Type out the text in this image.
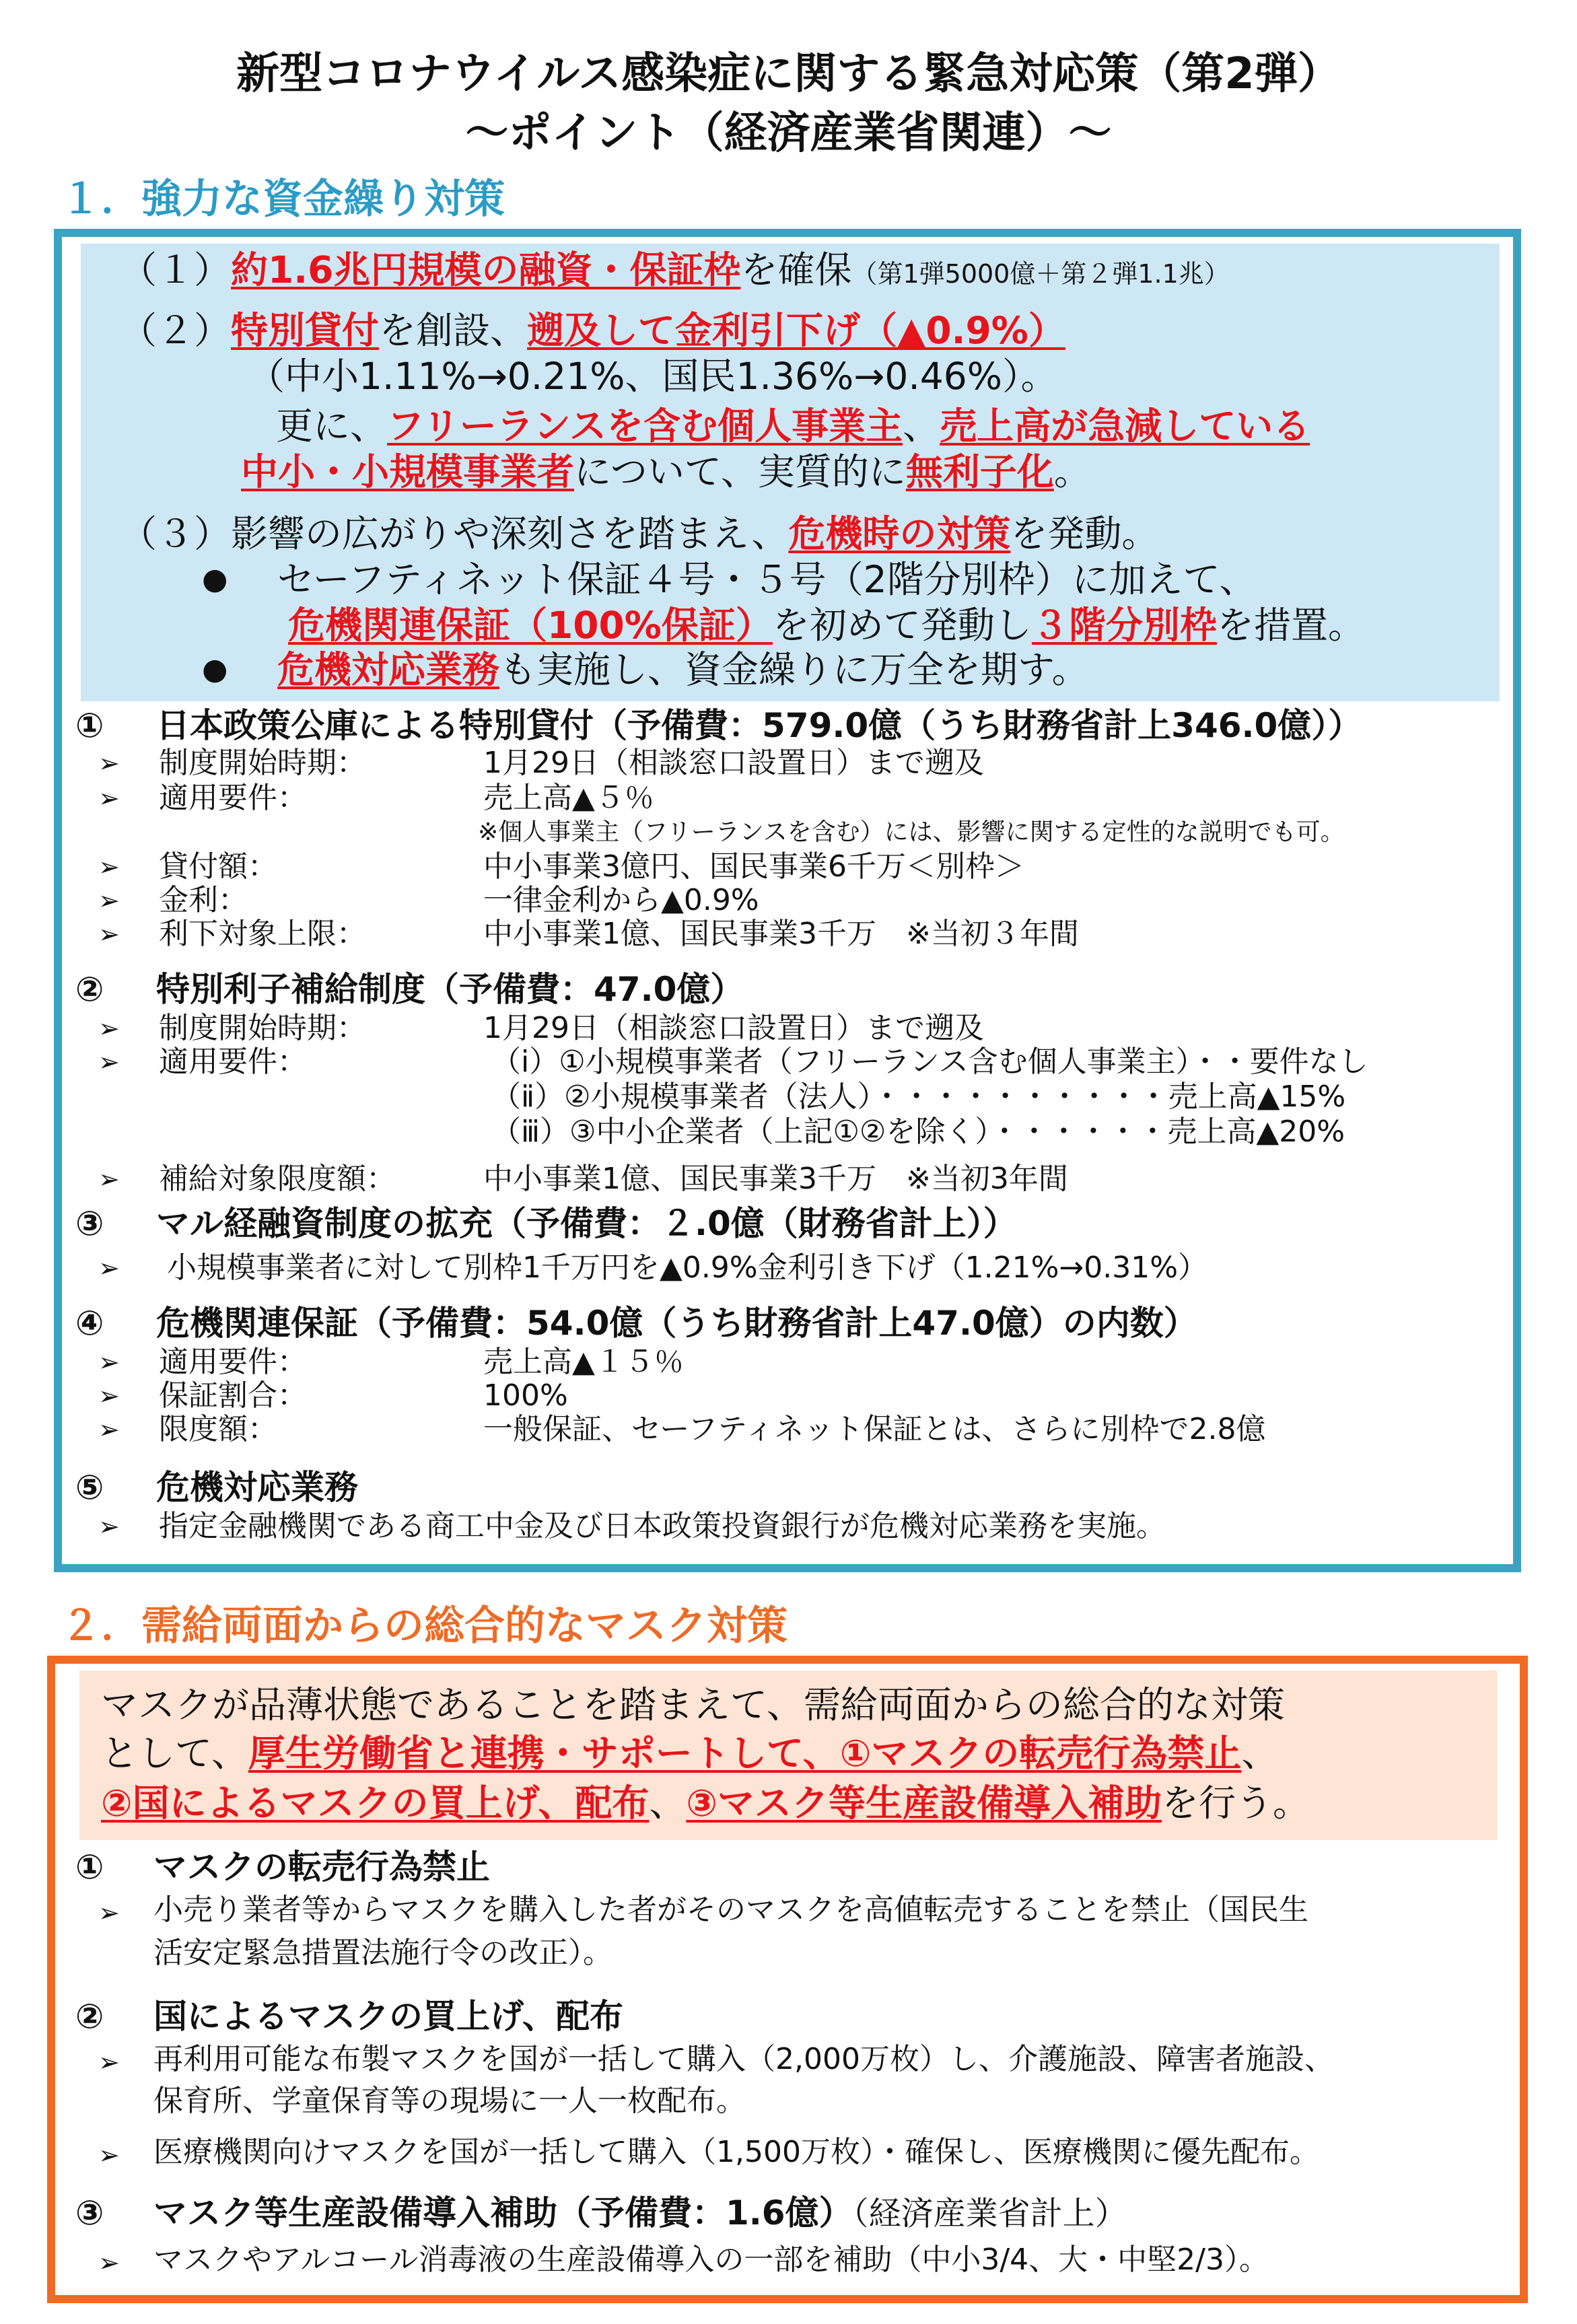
新型コロナウイルス感染症に関する緊急対応策（第2弾）
～ポイント（経済産業省関連）～
１．強力な資金繰り対策
（１）約1.6兆円規模の融資・保証枠を確保（第1弾5000億＋第２弾1.1兆）
（２）特別貸付を創設、遡及して金利引下げ（▲0.9%）
（中小1.11%→0.21%、国民1.36%→0.46%）。
更に、フリーランスを含む個人事業主、売上高が急減している
中小・小規模事業者について、実質的に無利子化。
（３）影響の広がりや深刻さを踏まえ、危機時の対策を発動。
● セーフティネット保証４号・５号（2階分別枠）に加えて、
危機関連保証（100%保証）を初めて発動し３階分別枠を措置。
● 危機対応業務も実施し、資金繰りに万全を期す。
① 日本政策公庫による特別貸付（予備費：579.0億（うち財務省計上346.0億））
➢ 制度開始時期：	1月29日（相談窓口設置日）まで遡及
➢ 適用要件：	売上高▲５％
※個人事業主（フリーランスを含む）には、影響に関する定性的な説明でも可。
➢ 貸付額：	中小事業3億円、国民事業6千万＜別枠＞
➢ 金利：	一律金利から▲0.9%
➢ 利下対象上限：	中小事業1億、国民事業3千万　※当初３年間
② 特別利子補給制度（予備費：47.0億）
➢ 制度開始時期：	1月29日（相談窓口設置日）まで遡及
➢ 適用要件：	（ⅰ）①小規模事業者（フリーランス含む個人事業主）・・要件なし
（ⅱ）②小規模事業者（法人）・・・・・・・・・・売上高▲15%
（ⅲ）③中小企業者（上記①②を除く）・・・・・・売上高▲20%
➢ 補給対象限度額：	中小事業1億、国民事業3千万　※当初3年間
③ マル経融資制度の拡充（予備費：２.0億（財務省計上））
➢ 小規模事業者に対して別枠1千万円を▲0.9%金利引き下げ（1.21%→0.31%）
④ 危機関連保証（予備費：54.0億（うち財務省計上47.0億）の内数）
➢ 適用要件：	売上高▲１５％
➢ 保証割合：	100%
➢ 限度額：	一般保証、セーフティネット保証とは、さらに別枠で2.8億
⑤ 危機対応業務
➢ 指定金融機関である商工中金及び日本政策投資銀行が危機対応業務を実施。
２．需給両面からの総合的なマスク対策
マスクが品薄状態であることを踏まえて、需給両面からの総合的な対策
として、厚生労働省と連携・サポートして、①マスクの転売行為禁止、
②国によるマスクの買上げ、配布、③マスク等生産設備導入補助を行う。
① マスクの転売行為禁止
➢ 小売り業者等からマスクを購入した者がそのマスクを高値転売することを禁止（国民生
活安定緊急措置法施行令の改正）。
② 国によるマスクの買上げ、配布
➢ 再利用可能な布製マスクを国が一括して購入（2,000万枚）し、介護施設、障害者施設、
保育所、学童保育等の現場に一人一枚配布。
➢ 医療機関向けマスクを国が一括して購入（1,500万枚）・確保し、医療機関に優先配布。
③ マスク等生産設備導入補助（予備費：1.6億）（経済産業省計上）
➢ マスクやアルコール消毒液の生産設備導入の一部を補助（中小3/4、大・中堅2/3）。
